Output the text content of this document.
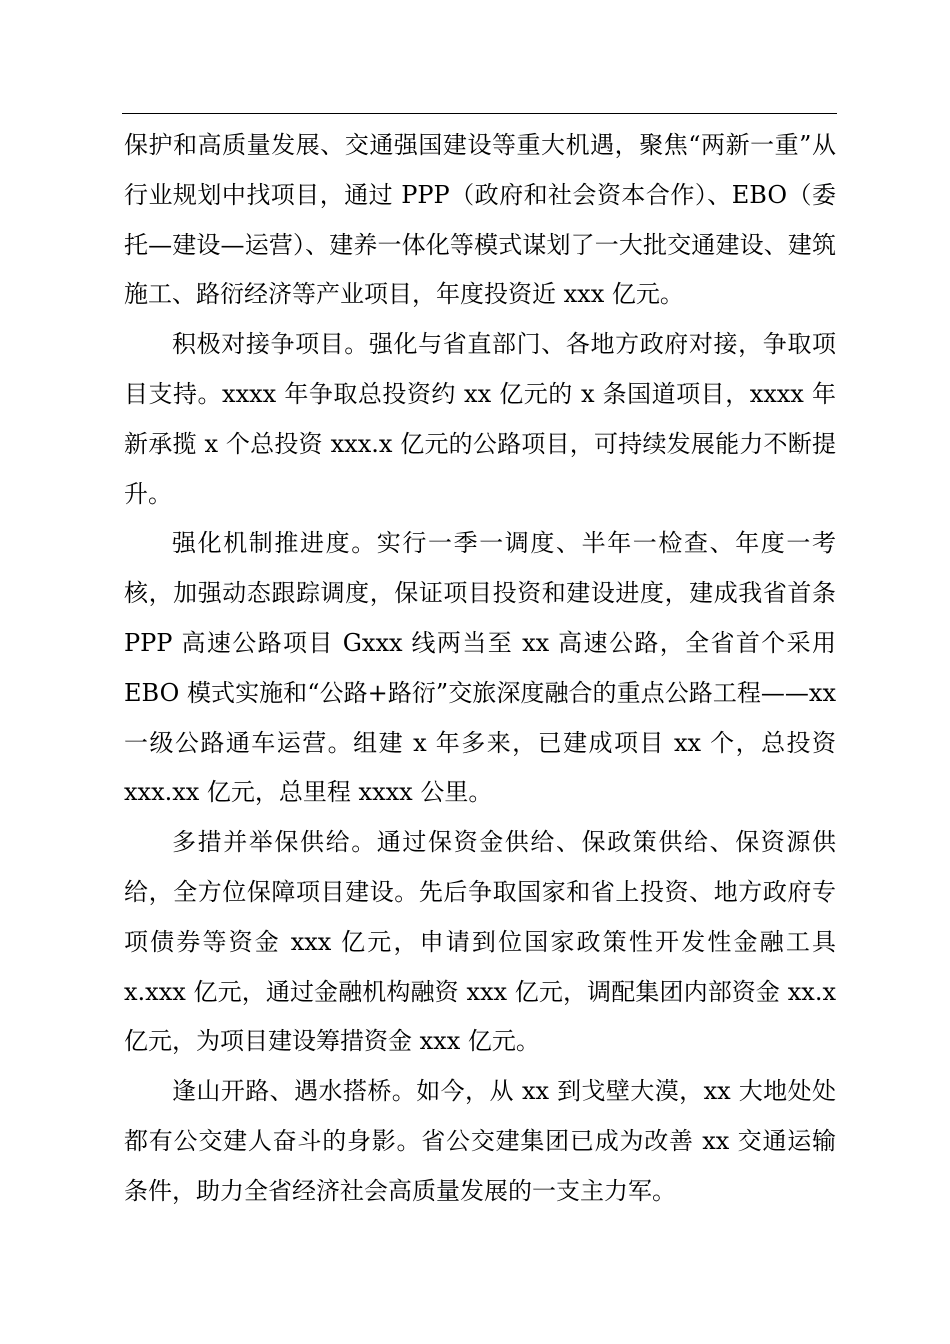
保护和高质量发展、交通强国建设等重大机遇，聚焦“两新一重”从行业规划中找项目，通过 PPP（政府和社会资本合作）、EBO（委托—建设—运营）、建养一体化等模式谋划了一大批交通建设、建筑施工、路衍经济等产业项目，年度投资近 xxx 亿元。

积极对接争项目。强化与省直部门、各地方政府对接，争取项目支持。xxxx 年争取总投资约 xx 亿元的 x 条国道项目，xxxx 年新承揽 x 个总投资 xxx.x 亿元的公路项目，可持续发展能力不断提升。

强化机制推进度。实行一季一调度、半年一检查、年度一考核，加强动态跟踪调度，保证项目投资和建设进度，建成我省首条 PPP 高速公路项目 Gxxx 线两当至 xx 高速公路，全省首个采用 EBO 模式实施和“公路+路衍”交旅深度融合的重点公路工程——xx 一级公路通车运营。组建 x 年多来，已建成项目 xx 个，总投资 xxx.xx 亿元，总里程 xxxx 公里。

多措并举保供给。通过保资金供给、保政策供给、保资源供给，全方位保障项目建设。先后争取国家和省上投资、地方政府专项债券等资金 xxx 亿元，申请到位国家政策性开发性金融工具 x.xxx 亿元，通过金融机构融资 xxx 亿元，调配集团内部资金 xx.x 亿元，为项目建设筹措资金 xxx 亿元。

逢山开路、遇水搭桥。如今，从 xx 到戈壁大漠，xx 大地处处都有公交建人奋斗的身影。省公交建集团已成为改善 xx 交通运输条件，助力全省经济社会高质量发展的一支主力军。
